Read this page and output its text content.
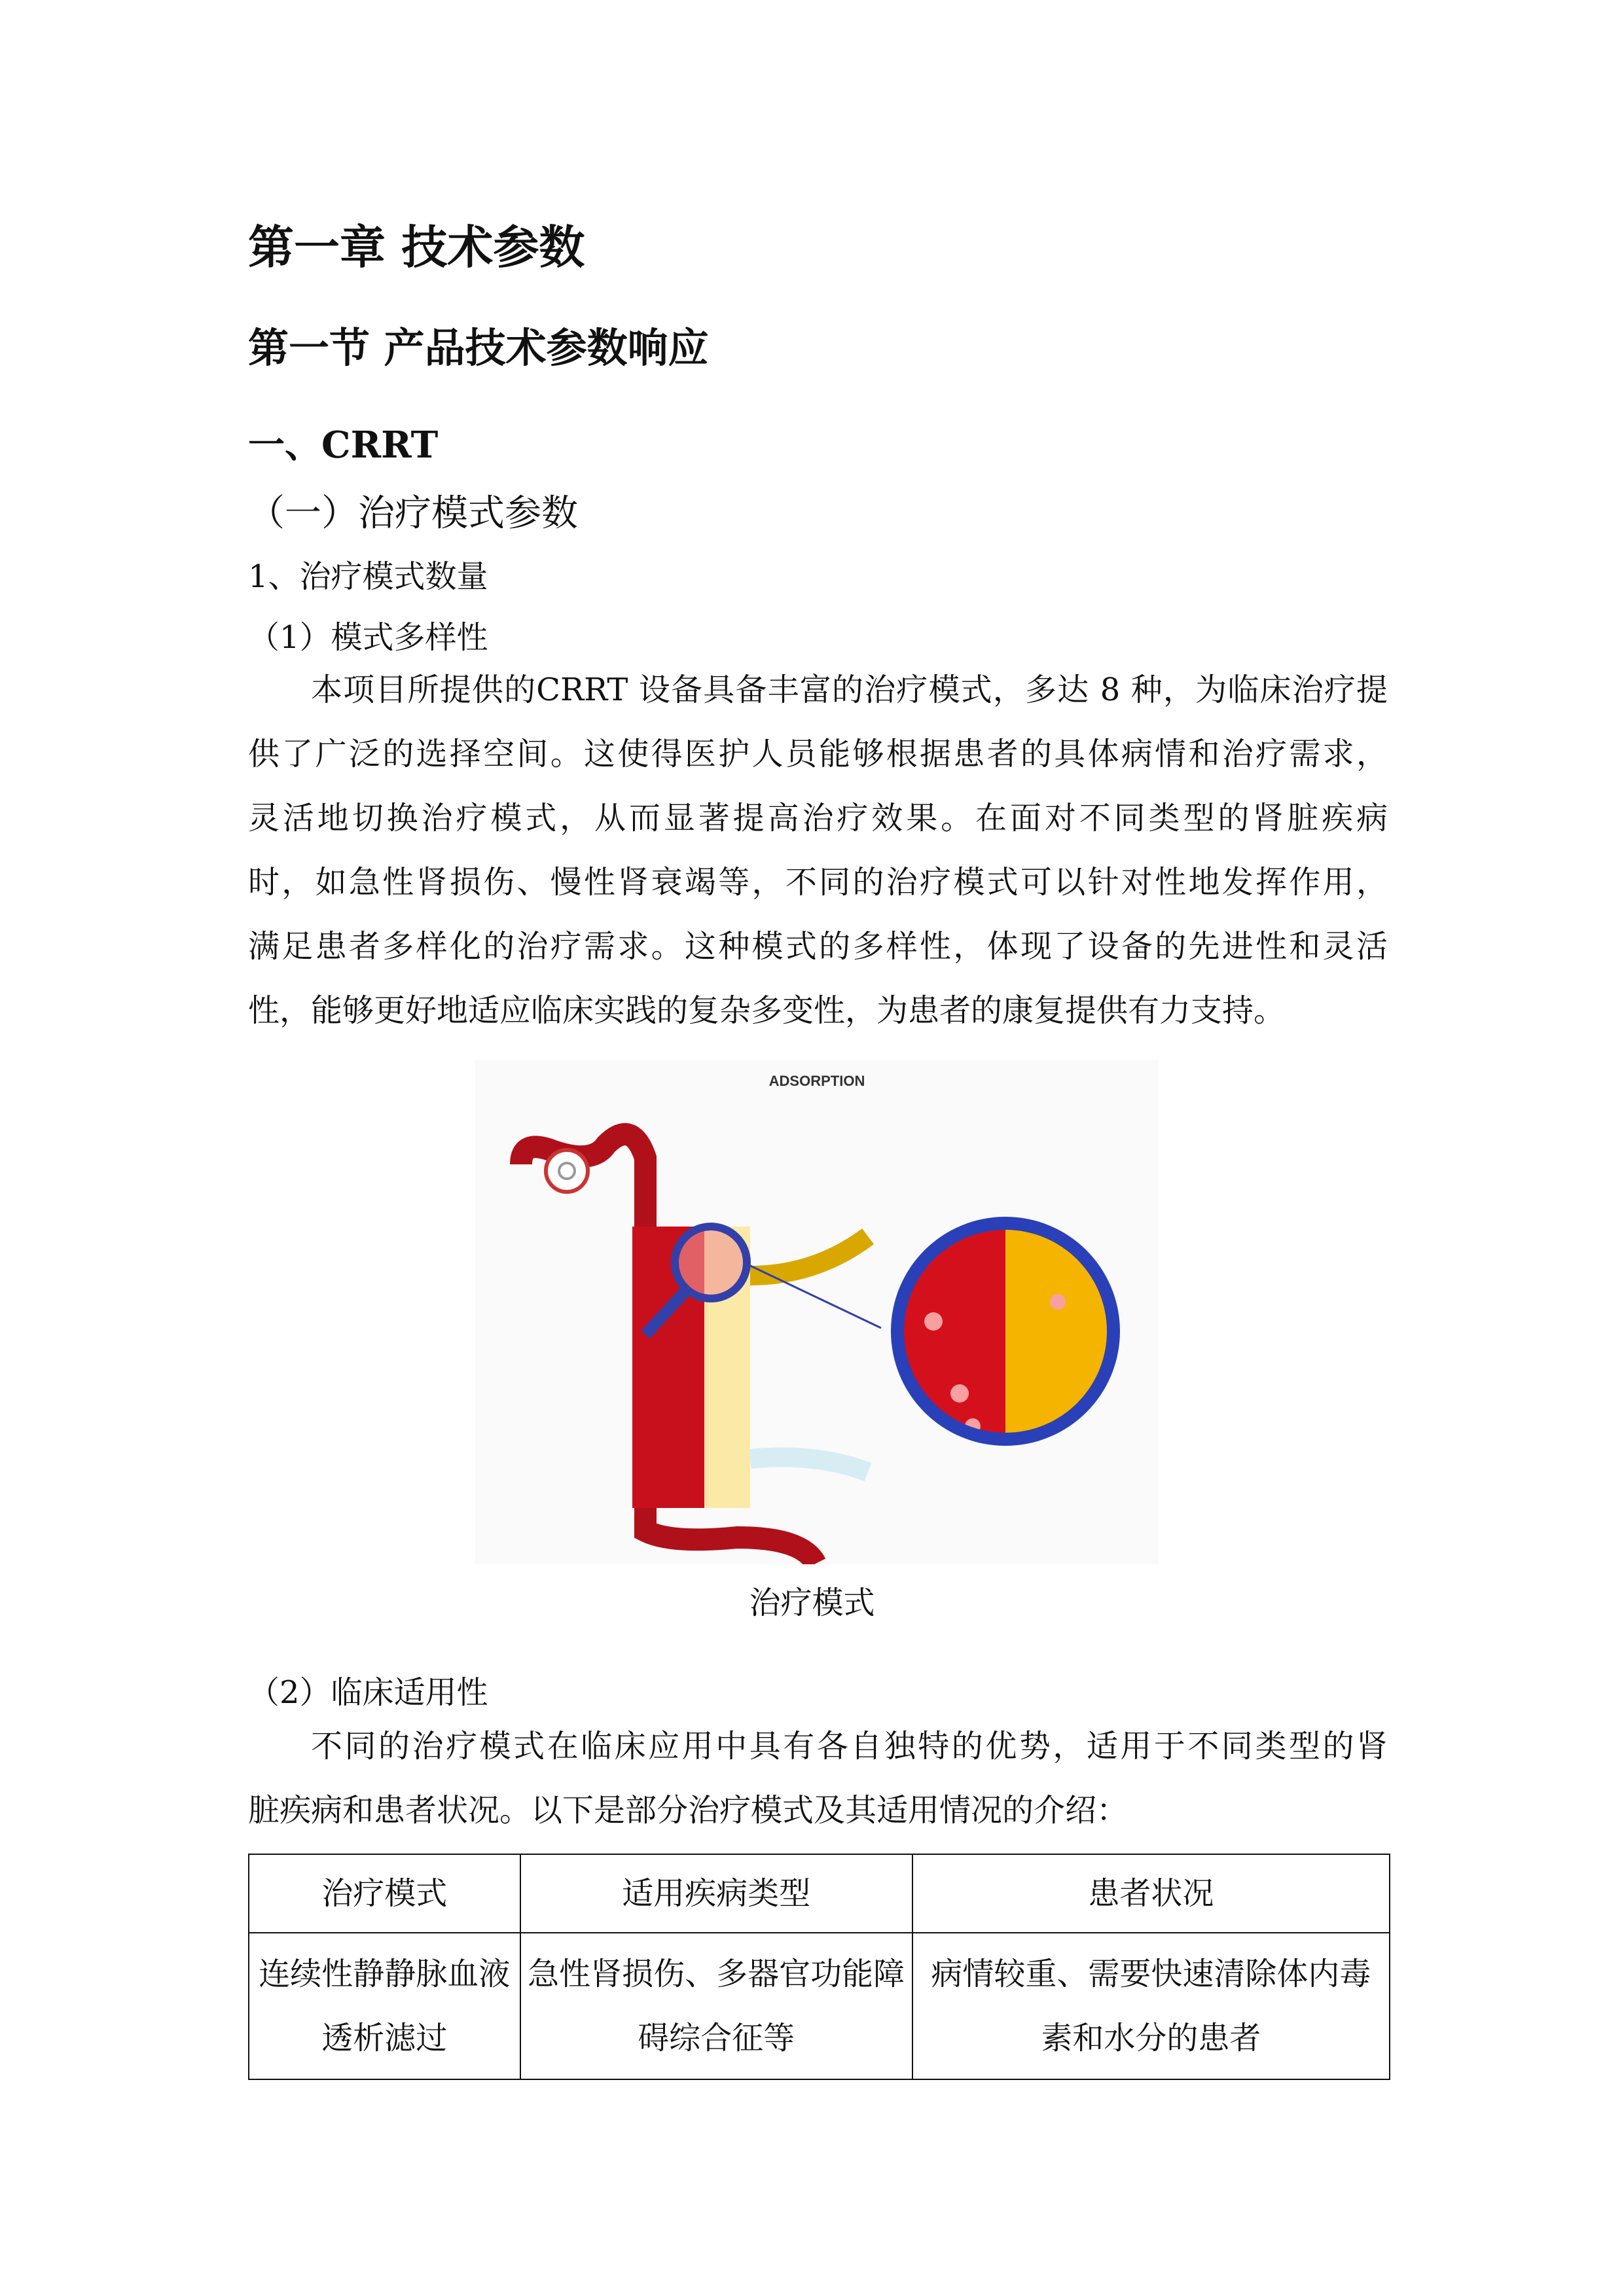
第一章 技术参数
第一节 产品技术参数响应
一、CRRT
（一）治疗模式参数
1、治疗模式数量
（1）模式多样性
本项目所提供的CRRT 设备具备丰富的治疗模式，多达 8 种，为临床治疗提
供了广泛的选择空间。这使得医护人员能够根据患者的具体病情和治疗需求，
灵活地切换治疗模式，从而显著提高治疗效果。在面对不同类型的肾脏疾病
时，如急性肾损伤、慢性肾衰竭等，不同的治疗模式可以针对性地发挥作用，
满足患者多样化的治疗需求。这种模式的多样性，体现了设备的先进性和灵活
性，能够更好地适应临床实践的复杂多变性，为患者的康复提供有力支持。
ADSORPTION
治疗模式
（2）临床适用性
不同的治疗模式在临床应用中具有各自独特的优势，适用于不同类型的肾
脏疾病和患者状况。以下是部分治疗模式及其适用情况的介绍：
治疗模式	适用疾病类型	患者状况
连续性静静脉血液透析滤过	急性肾损伤、多器官功能障碍综合征等	病情较重、需要快速清除体内毒素和水分的患者
